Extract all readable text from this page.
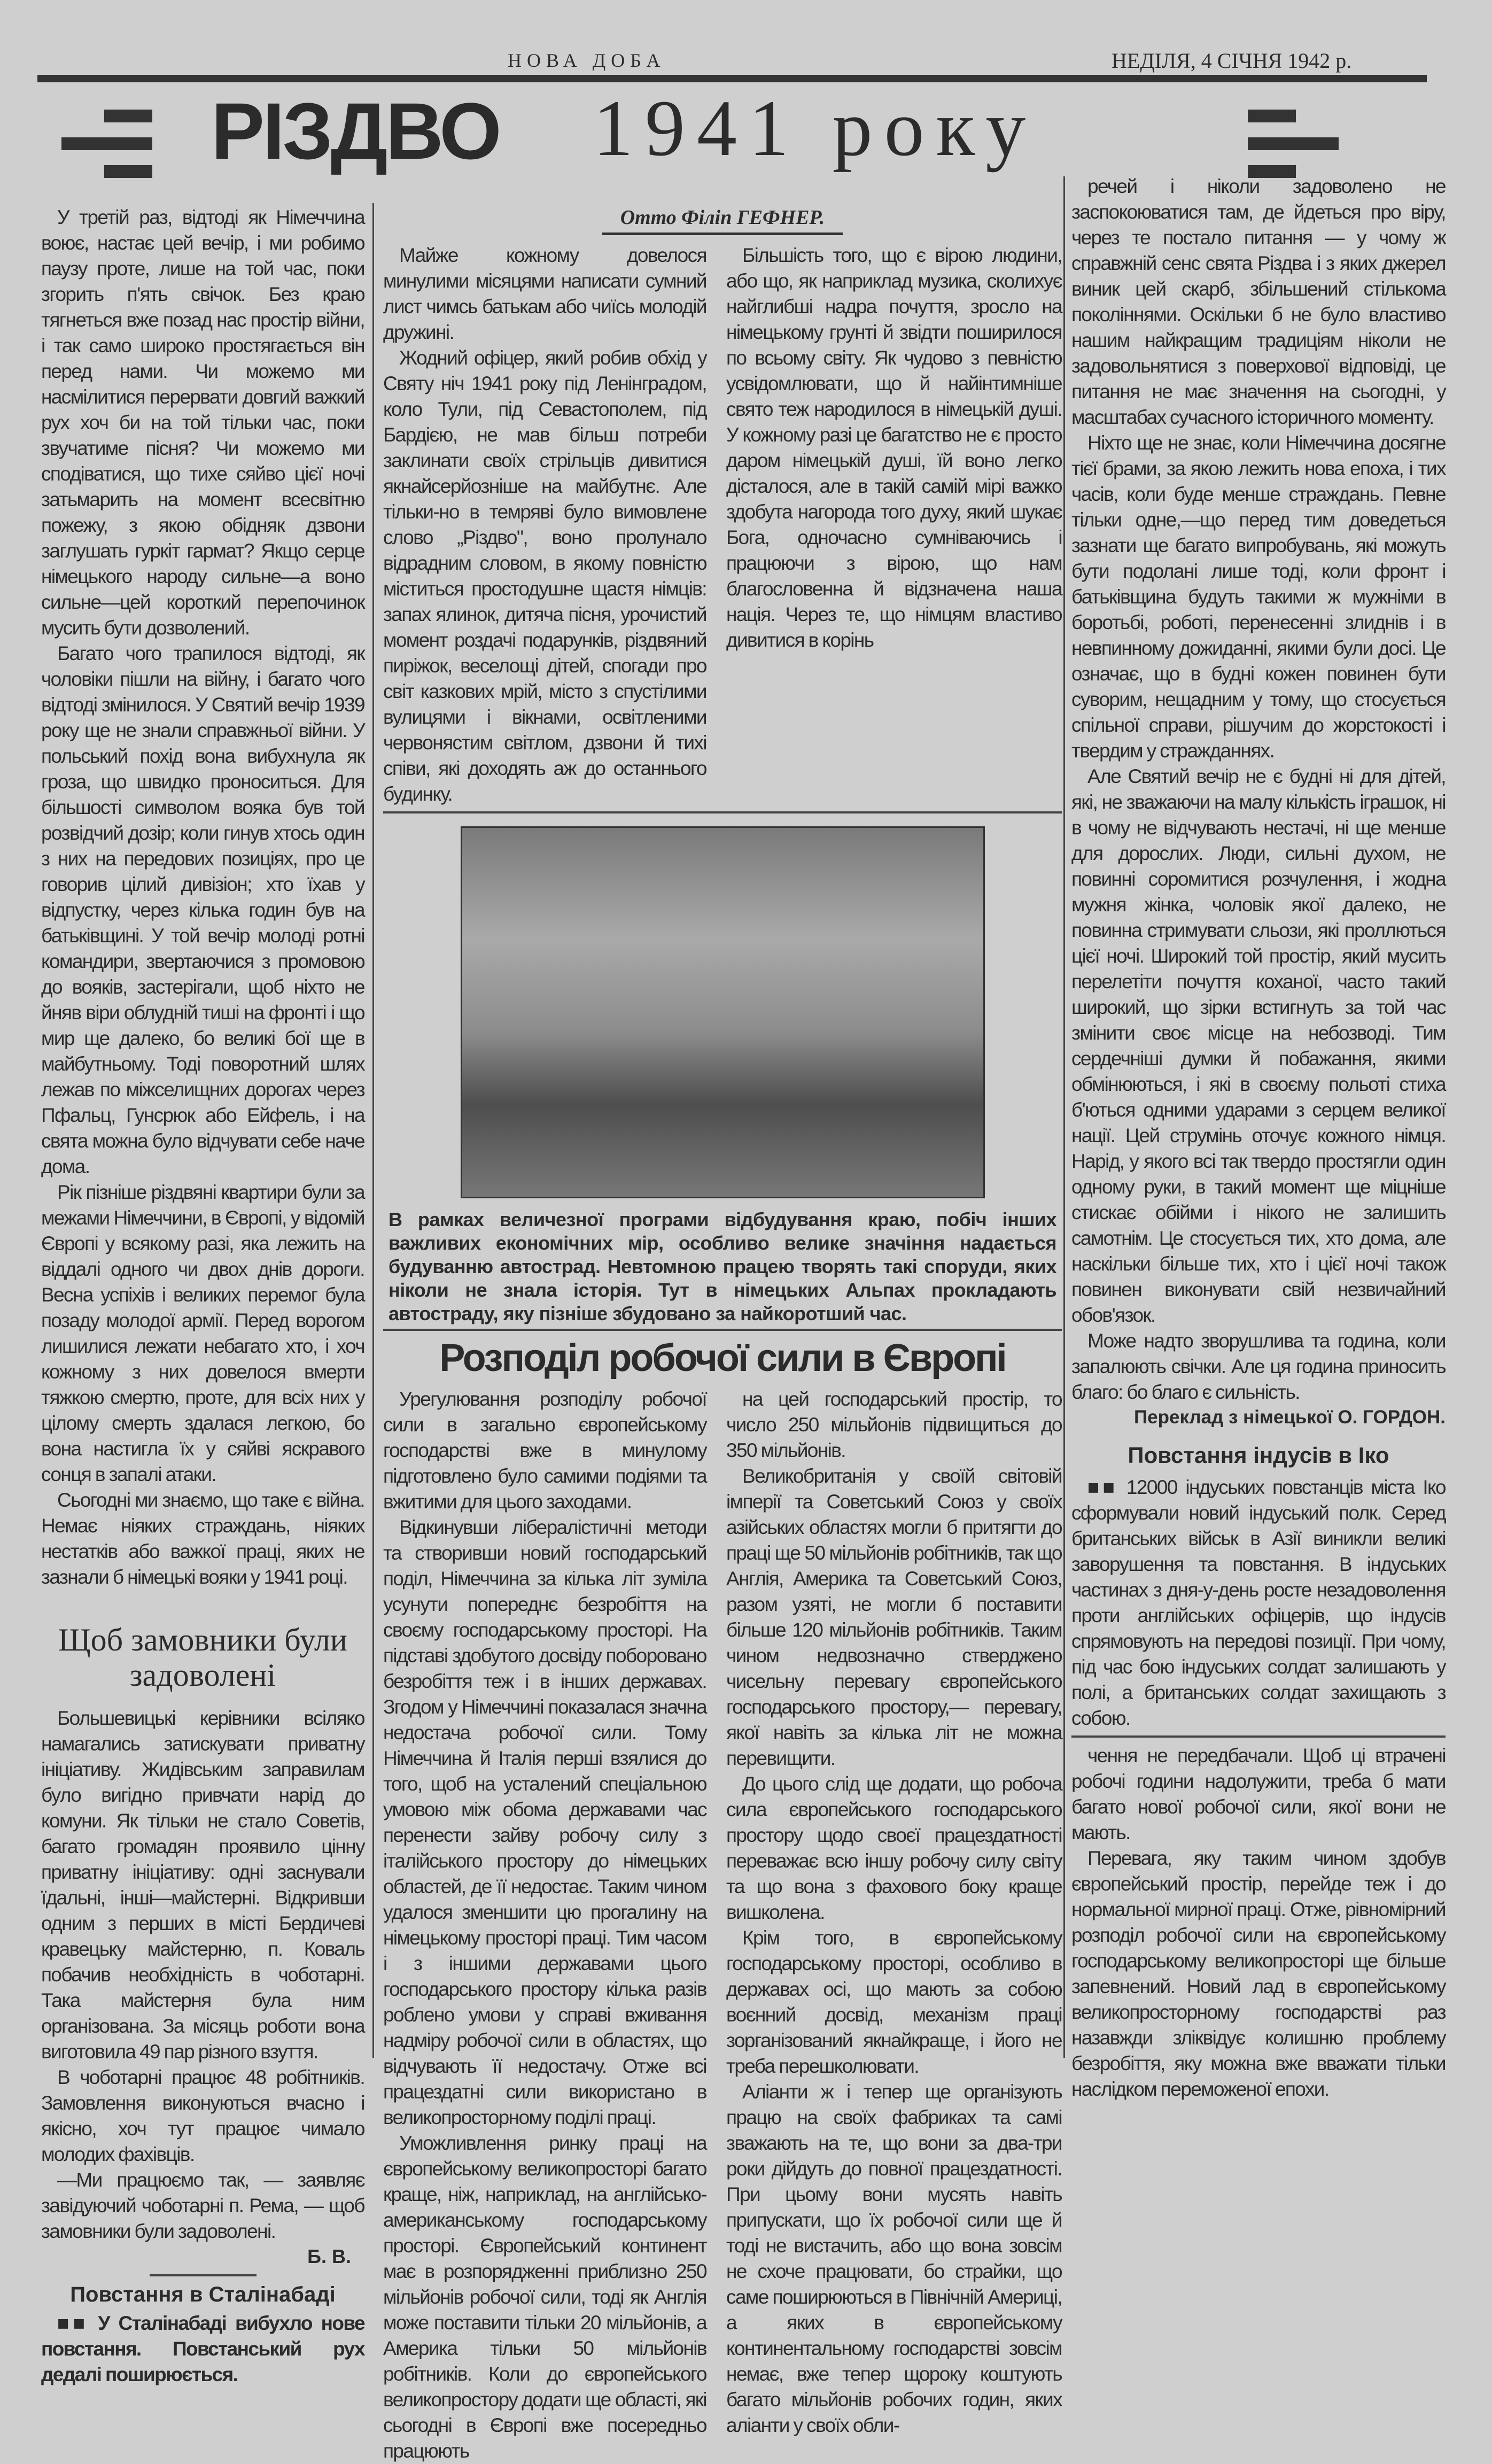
НОВА ДОБА	НЕДІЛЯ, 4 СІЧНЯ 1942 р.
РІЗДВО 1941 року

У третій раз, відтоді як Німеччина воює, настає цей вечір, і ми робимо паузу проте, лише на той час, поки згорить п'ять свічок. Без краю тягнеться вже позад нас простір війни, і так само широко простягається він перед нами. Чи можемо ми насмілитися перервати довгий важкий рух хоч би на той тільки час, поки звучатиме пісня? Чи можемо ми сподіватися, що тихе сяйво цієї ночі затьмарить на момент всесвітню пожежу, з якою обідняк дзвони заглушать гуркіт гармат? Якщо серце німецького народу сильне—а воно сильне—цей короткий перепочинок мусить бути дозволений.

Багато чого трапилося відтоді, як чоловіки пішли на війну, і багато чого відтоді змінилося. У Святий вечір 1939 року ще не знали справжньої війни. У польський похід вона вибухнула як гроза, що швидко проноситься. Для більшості символом вояка був той розвідчий дозір; коли гинув хтось один з них на передових позиціях, про це говорив цілий дивізіон; хто їхав у відпустку, через кілька годин був на батьківщині. У той вечір молоді ротні командири, звертаючися з промовою до вояків, застерігали, щоб ніхто не йняв віри облудній тиші на фронті і що мир ще далеко, бо великі бої ще в майбутньому. Тоді поворотний шлях лежав по міжселищних дорогах через Пфальц, Гунсрюк або Ейфель, і на свята можна було відчувати себе наче дома.

Рік пізніше різдвяні квартири були за межами Німеччини, в Європі, у відомій Європі у всякому разі, яка лежить на віддалі одного чи двох днів дороги. Весна успіхів і великих перемог була позаду молодої армії. Перед ворогом лишилися лежати небагато хто, і хоч кожному з них довелося вмерти тяжкою смертю, проте, для всіх них у цілому смерть здалася легкою, бо вона настигла їх у сяйві яскравого сонця в запалі атаки.

Сьогодні ми знаємо, що таке є війна. Немає ніяких страждань, ніяких нестатків або важкої праці, яких не зазнали б німецькі вояки у 1941 році.

Щоб замовники були задоволені

Большевицькі керівники всіляко намагались затискувати приватну ініціативу. Жидівським заправилам було вигідно привчати нарід до комуни. Як тільки не стало Советів, багато громадян проявило цінну приватну ініціативу: одні заснували їдальні, інші—майстерні. Відкривши одним з перших в місті Бердичеві кравецьку майстерню, п. Коваль побачив необхідність в чоботарні. Така майстерня була ним організована. За місяць роботи вона виготовила 49 пар різного взуття.

В чоботарні працює 48 робітників. Замовлення виконуються вчасно і якісно, хоч тут працює чимало молодих фахівців.

—Ми працюємо так, — заявляє завідуючий чоботарні п. Рема, — щоб замовники були задоволені.

Б. В.
Повстання в Сталінабаді

■■ У Сталінабаді вибухло нове повстання. Повстанський рух дедалі поширюється.

Отто Філіп ГЕФНЕР.

Майже кожному довелося минулими місяцями написати сумний лист чимсь батькам або чиїсь молодій дружині.

Жодний офіцер, який робив обхід у Святу ніч 1941 року під Ленінградом, коло Тули, під Севастополем, під Бардією, не мав більш потреби заклинати своїх стрільців дивитися якнайсерйозніше на майбутнє. Але тільки-но в темряві було вимовлене слово „Різдво", воно пролунало відрадним словом, в якому повністю міститься простодушне щастя німців: запах ялинок, дитяча пісня, урочистий момент роздачі подарунків, різдвяний пиріжок, веселощі дітей, спогади про світ казкових мрій, місто з спустілими вулицями і вікнами, освітленими червонястим світлом, дзвони й тихі співи, які доходять аж до останнього будинку.

Більшість того, що є вірою людини, або що, як наприклад музика, сколихує найглибші надра почуття, зросло на німецькому грунті й звідти поширилося по всьому світу. Як чудово з певністю усвідомлювати, що й найінтимніше свято теж народилося в німецькій душі. У кожному разі це багатство не є просто даром німецькій душі, їй воно легко дісталося, але в такій самій мірі важко здобута нагорода того духу, який шукає Бога, одночасно сумніваючись і працюючи з вірою, що нам благословенна й відзначена наша нація. Через те, що німцям властиво дивитися в корінь

В рамках величезної програми відбудування краю, побіч інших важливих економічних мір, особливо велике значіння надається будуванню автострад. Невтомною працею творять такі споруди, яких ніколи не знала історія. Тут в німецьких Альпах прокладають автостраду, яку пізніше збудовано за найкоротший час.
Розподіл робочої сили в Європі

Урегулювання розподілу робочої сили в загально європейському господарстві вже в минулому підготовлено було самими подіями та вжитими для цього заходами.

Відкинувши лібералістичні методи та створивши новий господарський поділ, Німеччина за кілька літ зуміла усунути попереднє безробіття на своєму господарському просторі. На підставі здобутого досвіду поборовано безробіття теж і в інших державах. Згодом у Німеччині показалася значна недостача робочої сили. Тому Німеччина й Італія перші взялися до того, щоб на усталений спеціальною умовою між обома державами час перенести зайву робочу силу з італійського простору до німецьких областей, де її недостає. Таким чином удалося зменшити цю прогалину на німецькому просторі праці. Тим часом і з іншими державами цього господарського простору кілька разів роблено умови у справі вживання надміру робочої сили в областях, що відчувають її недостачу. Отже всі працездатні сили використано в великопросторному поділі праці.

Уможливлення ринку праці на європейському великопросторі багато краще, ніж, наприклад, на англійсько-американському господарському просторі. Європейський континент має в розпорядженні приблизно 250 мільйонів робочої сили, тоді як Англія може поставити тільки 20 мільйонів, а Америка тільки 50 мільйонів робітників. Коли до європейського великопростору додати ще області, які сьогодні в Європі вже посередньо працюють

на цей господарський простір, то число 250 мільйонів підвищиться до 350 мільйонів.

Великобританія у своїй світовій імперії та Советський Союз у своїх азійських областях могли б притягти до праці ще 50 мільйонів робітників, так що Англія, Америка та Советський Союз, разом узяті, не могли б поставити більше 120 мільйонів робітників. Таким чином недвозначно ствердженo чисельну перевагу європейського господарського простору,— перевагу, якої навіть за кілька літ не можна перевищити.

До цього слід ще додати, що робоча сила європейського господарського простору щодо своєї працездатності переважає всю іншу робочу силу світу та що вона з фахового боку краще вишколена.

Крім того, в європейському господарському просторі, особливо в державах осі, що мають за собою воєнний досвід, механізм праці зорганізований якнайкраще, і його не треба перешколювати.

Аліанти ж і тепер ще організують працю на своїх фабриках та самі зважають на те, що вони за два-три роки дійдуть до повної працездатності. При цьому вони мусять навіть припускати, що їх робочої сили ще й тоді не вистачить, або що вона зовсім не схоче працювати, бо страйки, що саме поширюються в Північній Америці, а яких в європейському континентальному господарстві зовсім немає, вже тепер щороку коштують багато мільйонів робочих годин, яких аліанти у своїх обли-

речей і ніколи задоволено не заспокоюватися там, де йдеться про віру, через те постало питання — у чому ж справжній сенс свята Різдва і з яких джерел виник цей скарб, збільшений стількома поколіннями. Оскільки б не було властиво нашим найкращим традиціям ніколи не задовольнятися з поверхової відповіді, це питання не має значення на сьогодні, у масштабах сучасного історичного моменту.

Ніхто ще не знає, коли Німеччина досягне тієї брами, за якою лежить нова епоха, і тих часів, коли буде менше страждань. Певне тільки одне,—що перед тим доведеться зазнати ще багато випробувань, які можуть бути подолані лише тоді, коли фронт і батьківщина будуть такими ж мужніми в боротьбі, роботі, перенесенні злиднів і в невпинному дожиданні, якими були досі. Це означає, що в будні кожен повинен бути суворим, нещадним у тому, що стосується спільної справи, рішучим до жорстокості і твердим у стражданнях.

Але Святий вечір не є будні ні для дітей, які, не зважаючи на малу кількість іграшок, ні в чому не відчувають нестачі, ні ще менше для дорослих. Люди, сильні духом, не повинні соромитися розчулення, і жодна мужня жінка, чоловік якої далеко, не повинна стримувати сльози, які проллються цієї ночі. Широкий той простір, який мусить перелетіти почуття коханої, часто такий широкий, що зірки встигнуть за той час змінити своє місце на небозводі. Тим сердечніші думки й побажання, якими обмінюються, і які в своєму польоті стиха б'ються одними ударами з серцем великої нації. Цей струмінь оточує кожного німця. Нарід, у якого всі так твердо простягли один одному руки, в такий момент ще міцніше стискає обійми і нікого не залишить самотнім. Це стосується тих, хто дома, але наскільки більше тих, хто і цієї ночі також повинен виконувати свій незвичайний обов'язок.

Може надто зворушлива та година, коли запалюють свічки. Але ця година приносить благо: бо благо є сильність.

Переклад з німецької О. ГОРДОН.
Повстання індусів в Іко

■■ 12000 індуських повстанців міста Іко сформували новий індуський полк. Серед британських військ в Азії виникли великі заворушення та повстання. В індуських частинах з дня-у-день росте незадоволення проти англійських офіцерів, що індусів спрямовують на передові позиції. При чому, під час бою індуських солдат залишають у полі, а британських солдат захищають з собою.

чення не передбачали. Щоб ці втрачені робочі години надолужити, треба б мати багато нової робочої сили, якої вони не мають.

Перевага, яку таким чином здобув європейський простір, перейде теж і до нормальної мирної праці. Отже, рівномірний розподіл робочої сили на європейському господарському великопросторі ще більше запевнений. Новий лад в європейському великопросторному господарстві раз назавжди зліквідує колишню проблему безробіття, яку можна вже вважати тільки наслідком переможеної епохи.
